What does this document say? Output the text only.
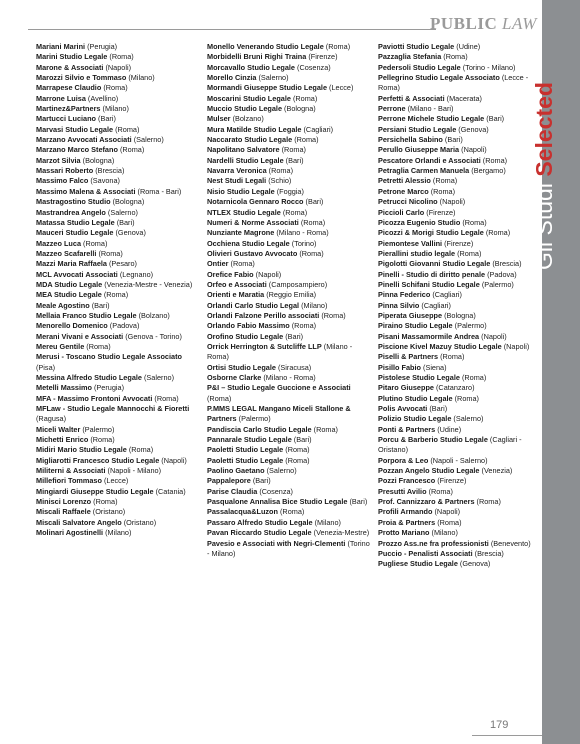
PUBLIC LAW
Gli Studi Selected
Mariani Marini (Perugia)
Marini Studio Legale (Roma)
Marone & Associati (Napoli)
Marozzi Silvio e Tommaso (Milano)
Marrapese Claudio (Roma)
Marrone Luisa (Avellino)
Martinez&Partners (Milano)
Martucci Luciano (Bari)
Marvasi Studio Legale (Roma)
Marzano Avvocati Associati (Salerno)
Marzano Marco Stefano (Roma)
Marzot Silvia (Bologna)
Massari Roberto (Brescia)
Massimo Falco (Savona)
Massimo Malena & Associati (Roma - Bari)
Mastragostino Studio (Bologna)
Mastrandrea Angelo (Salerno)
Matassa Studio Legale (Bari)
Mauceri Studio Legale (Genova)
Mazzeo Luca (Roma)
Mazzeo Scafarelli (Roma)
Mazzi Maria Raffaela (Pesaro)
MCL Avvocati Associati (Legnano)
MDA Studio Legale (Venezia-Mestre - Venezia)
MEA Studio Legale (Roma)
Meale Agostino (Bari)
Mellaia Franco Studio Legale (Bolzano)
Menorello Domenico (Padova)
Merani Vivani e Associati (Genova - Torino)
Mereu Gentile (Roma)
Merusi - Toscano Studio Legale Associato (Pisa)
Messina Alfredo Studio Legale (Salerno)
Metelli Massimo (Perugia)
MFA - Massimo Frontoni Avvocati (Roma)
MFLaw - Studio Legale Mannocchi & Fioretti (Ragusa)
Miceli Walter (Palermo)
Michetti Enrico (Roma)
Midiri Mario Studio Legale (Roma)
Migliarotti Francesco Studio Legale (Napoli)
Militerni & Associati (Napoli - Milano)
Millefiori Tommaso (Lecce)
Mingiardi Giuseppe Studio Legale (Catania)
Minisci Lorenzo (Roma)
Miscali Raffaele (Oristano)
Miscali Salvatore Angelo (Oristano)
Molinari Agostinelli (Milano)
Monello Venerando Studio Legale (Roma)
Morbidelli Bruni Righi Traina (Firenze)
Morcavallo Studio Legale (Cosenza)
Morello Cinzia (Salerno)
Mormandi Giuseppe Studio Legale (Lecce)
Moscarini Studio Legale (Roma)
Muccio Studio Legale (Bologna)
Mulser (Bolzano)
Mura Matilde Studio Legale (Cagliari)
Naccarato Studio Legale (Roma)
Napolitano Salvatore (Roma)
Nardelli Studio Legale (Bari)
Navarra Veronica (Roma)
Nest Studi Legali (Schio)
Nisio Studio Legale (Foggia)
Notarnicola Gennaro Rocco (Bari)
NTLEX Studio Legale (Roma)
Numeri & Norme Associati (Roma)
Nunziante Magrone (Milano - Roma)
Occhiena Studio Legale (Torino)
Olivieri Gustavo Avvocato (Roma)
Ontier (Roma)
Orefice Fabio (Napoli)
Orfeo e Associati (Camposampiero)
Orienti e Maratia (Reggio Emilia)
Orlandi Carlo Studio Legal (Milano)
Orlandi Falzone Perillo associati (Roma)
Orlando Fabio Massimo (Roma)
Orofino Studio Legale (Bari)
Orrick Herrington & Sutcliffe LLP (Milano - Roma)
Ortisi Studio Legale (Siracusa)
Osborne Clarke (Milano - Roma)
P&I – Studio Legale Guccione e Associati (Roma)
P.MMS LEGAL Mangano Miceli Stallone & Partners (Palermo)
Pandiscia Carlo Studio Legale (Roma)
Pannarale Studio Legale (Bari)
Paoletti Studio Legale (Roma)
Paoletti Studio Legale (Roma)
Paolino Gaetano (Salerno)
Pappalepore (Bari)
Parise Claudia (Cosenza)
Pasqualone Annalisa Bice Studio Legale (Bari)
Passalacqua&Luzon (Roma)
Passaro Alfredo Studio Legale (Milano)
Pavan Riccardo Studio Legale (Venezia-Mestre)
Pavesio e Associati with Negri-Clementi (Torino - Milano)
Paviotti Studio Legale (Udine)
Pazzaglia Stefania (Roma)
Pedersoli Studio Legale (Torino - Milano)
Pellegrino Studio Legale Associato (Lecce - Roma)
Perfetti & Associati (Macerata)
Perrone (Milano - Bari)
Perrone Michele Studio Legale (Bari)
Persiani Studio Legale (Genova)
Persichella Sabino (Bari)
Perullo Giuseppe Maria (Napoli)
Pescatore Orlandi e Associati (Roma)
Petraglia Carmen Manuela (Bergamo)
Petretti Alessio (Roma)
Petrone Marco (Roma)
Petrucci Nicolino (Napoli)
Piccioli Carlo (Firenze)
Picozza Eugenio Studio (Roma)
Picozzi & Morigi Studio Legale (Roma)
Piemontese Vallini (Firenze)
Pierallini studio legale (Roma)
Pigolotti Giovanni Studio Legale (Brescia)
Pinelli - Studio di diritto penale (Padova)
Pinelli Schifani Studio Legale (Palermo)
Pinna Federico (Cagliari)
Pinna Silvio (Cagliari)
Piperata Giuseppe (Bologna)
Piraino Studio Legale (Palermo)
Pisani Massamormile Andrea (Napoli)
Piscione Kivel Mazuy Studio Legale (Napoli)
Piselli & Partners (Roma)
Pisillo Fabio (Siena)
Pistolese Studio Legale (Roma)
Pitaro Giuseppe (Catanzaro)
Plutino Studio Legale (Roma)
Polis Avvocati (Bari)
Polizio Studio Legale (Salerno)
Ponti & Partners (Udine)
Porcu & Barberio Studio Legale (Cagliari - Oristano)
Porpora & Leo (Napoli - Salerno)
Pozzan Angelo Studio Legale (Venezia)
Pozzi Francesco (Firenze)
Presutti Avilio (Roma)
Prof. Cannizzaro & Partners (Roma)
Profili Armando (Napoli)
Proia & Partners (Roma)
Protto Mariano (Milano)
Prozzo Ass.ne fra professionisti (Benevento)
Puccio - Penalisti Associati (Brescia)
Pugliese Studio Legale (Genova)
179
